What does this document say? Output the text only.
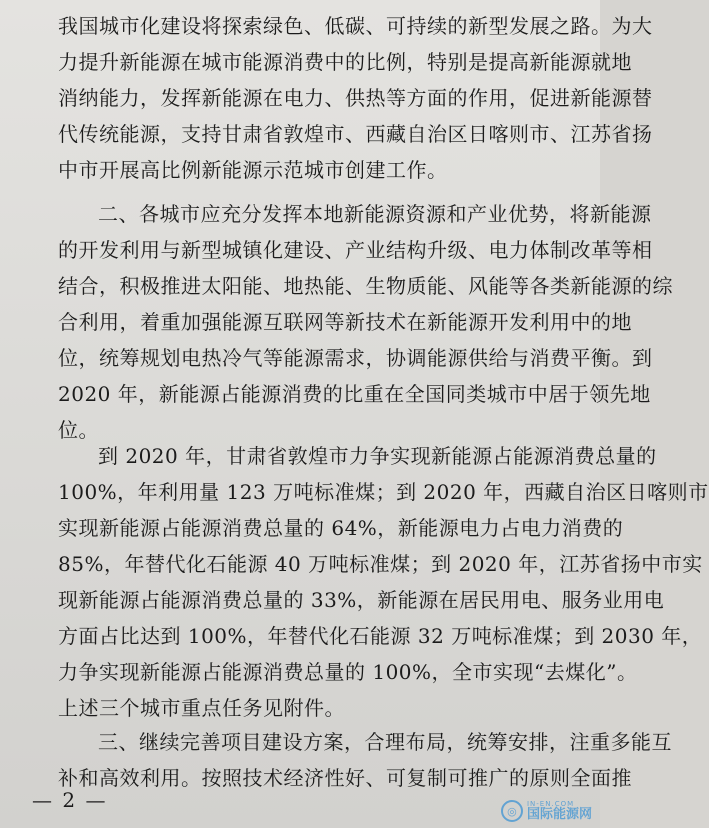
我国城市化建设将探索绿色、低碳、可持续的新型发展之路。为大
力提升新能源在城市能源消费中的比例，特别是提高新能源就地
消纳能力，发挥新能源在电力、供热等方面的作用，促进新能源替
代传统能源，支持甘肃省敦煌市、西藏自治区日喀则市、江苏省扬
中市开展高比例新能源示范城市创建工作。
二、各城市应充分发挥本地新能源资源和产业优势，将新能源
的开发利用与新型城镇化建设、产业结构升级、电力体制改革等相
结合，积极推进太阳能、地热能、生物质能、风能等各类新能源的综
合利用，着重加强能源互联网等新技术在新能源开发利用中的地
位，统筹规划电热冷气等能源需求，协调能源供给与消费平衡。到
2020 年，新能源占能源消费的比重在全国同类城市中居于领先地
位。
到 2020 年，甘肃省敦煌市力争实现新能源占能源消费总量的
100%，年利用量 123 万吨标准煤；到 2020 年，西藏自治区日喀则市
实现新能源占能源消费总量的 64%，新能源电力占电力消费的
85%，年替代化石能源 40 万吨标准煤；到 2020 年，江苏省扬中市实
现新能源占能源消费总量的 33%，新能源在居民用电、服务业用电
方面占比达到 100%，年替代化石能源 32 万吨标准煤；到 2030 年，
力争实现新能源占能源消费总量的 100%，全市实现“去煤化”。
上述三个城市重点任务见附件。
三、继续完善项目建设方案，合理布局，统筹安排，注重多能互
补和高效利用。按照技术经济性好、可复制可推广的原则全面推
— 2 —	◎
IN-EN.COM
国际能源网
